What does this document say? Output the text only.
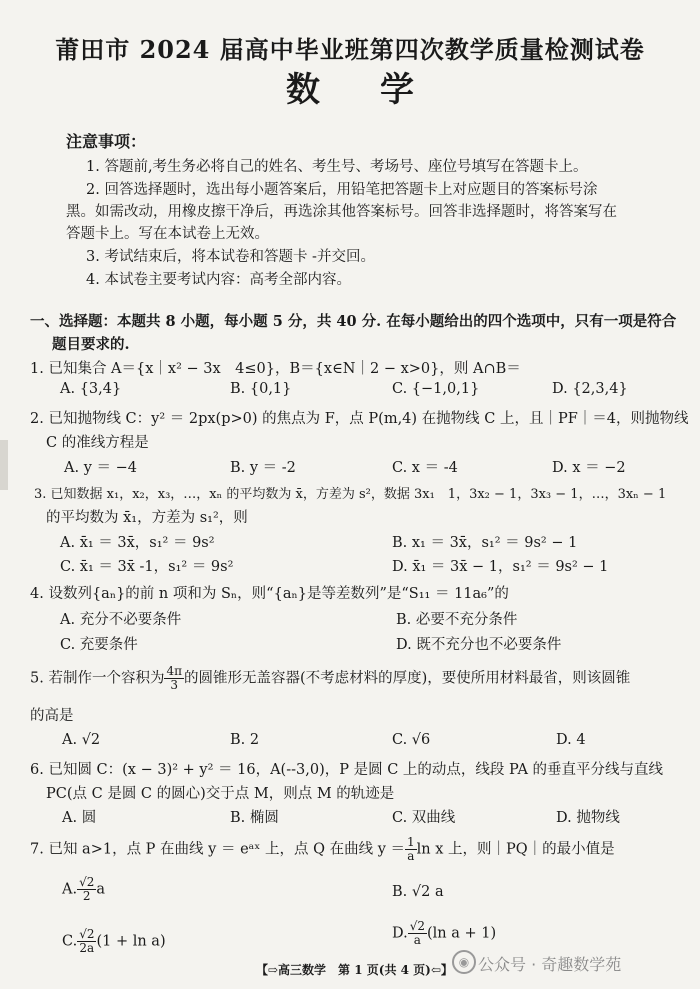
莆田市 2024 届高中毕业班第四次教学质量检测试卷
数学
注意事项：
1. 答题前,考生务必将自己的姓名、考生号、考场号、座位号填写在答题卡上。
2. 回答选择题时，选出每小题答案后，用铅笔把答题卡上对应题目的答案标号涂
黑。如需改动，用橡皮擦干净后，再选涂其他答案标号。回答非选择题时，将答案写在
答题卡上。写在本试卷上无效。
3. 考试结束后，将本试卷和答题卡 -并交回。
4. 本试卷主要考试内容：高考全部内容。
一、选择题：本题共 8 小题，每小题 5 分，共 40 分. 在每小题给出的四个选项中，只有一项是符合
题目要求的.
1. 已知集合 A＝{x｜x² − 3x　4≤0}，B＝{x∈N｜2 − x>0}，则 A∩B＝
A. {3,4}	B. {0,1}	C. {−1,0,1}	D. {2,3,4}
2. 已知抛物线 C：y² ＝ 2px(p>0) 的焦点为 F，点 P(m,4) 在抛物线 C 上，且｜PF｜＝4，则抛物线
C 的准线方程是
A. y ＝ −4	B. y ＝ -2	C. x ＝ -4	D. x ＝ −2
3. 已知数据 x₁，x₂，x₃，…，xₙ 的平均数为 x̄，方差为 s²，数据 3x₁　1，3x₂ − 1，3x₃ − 1，…，3xₙ − 1
的平均数为 x̄₁，方差为 s₁²，则
A. x̄₁ ＝ 3x̄，s₁² ＝ 9s²	B. x₁ ＝ 3x̄，s₁² ＝ 9s² − 1
C. x̄₁ ＝ 3x̄ -1，s₁² ＝ 9s²	D. x̄₁ ＝ 3x̄ − 1，s₁² ＝ 9s² − 1
4. 设数列{aₙ}的前 n 项和为 Sₙ，则“{aₙ}是等差数列”是“S₁₁ ＝ 11a₆”的
A. 充分不必要条件	B. 必要不充分条件
C. 充要条件	D. 既不充分也不必要条件
5. 若制作一个容积为 $\frac{4\pi}{3}$ 的圆锥形无盖容器(不考虑材料的厚度)，要使所用材料最省，则该圆锥
的高是
A. √2	B. 2	C. √6	D. 4
6. 已知圆 C：(x − 3)² + y² ＝ 16，A(--3,0)，P 是圆 C 上的动点，线段 PA 的垂直平分线与直线
PC(点 C 是圆 C 的圆心)交于点 M，则点 M 的轨迹是
A. 圆	B. 椭圆	C. 双曲线	D. 抛物线
7. 已知 a>1，点 P 在曲线 y ＝ eᵃˣ 上，点 Q 在曲线 $y = \frac{1}{a}$ ln x 上，则｜PQ｜的最小值是
A. $\frac{√2}{2}$ a	B. √2 a
C. $\frac{√2}{2a} (1 + \ln a)$	D. $\frac{√2}{a} (\ln$ a + 1)
【⇨高三数学　第 1 页(共 4 页)⇦】
◉ 公众号 · 奇趣数学苑
